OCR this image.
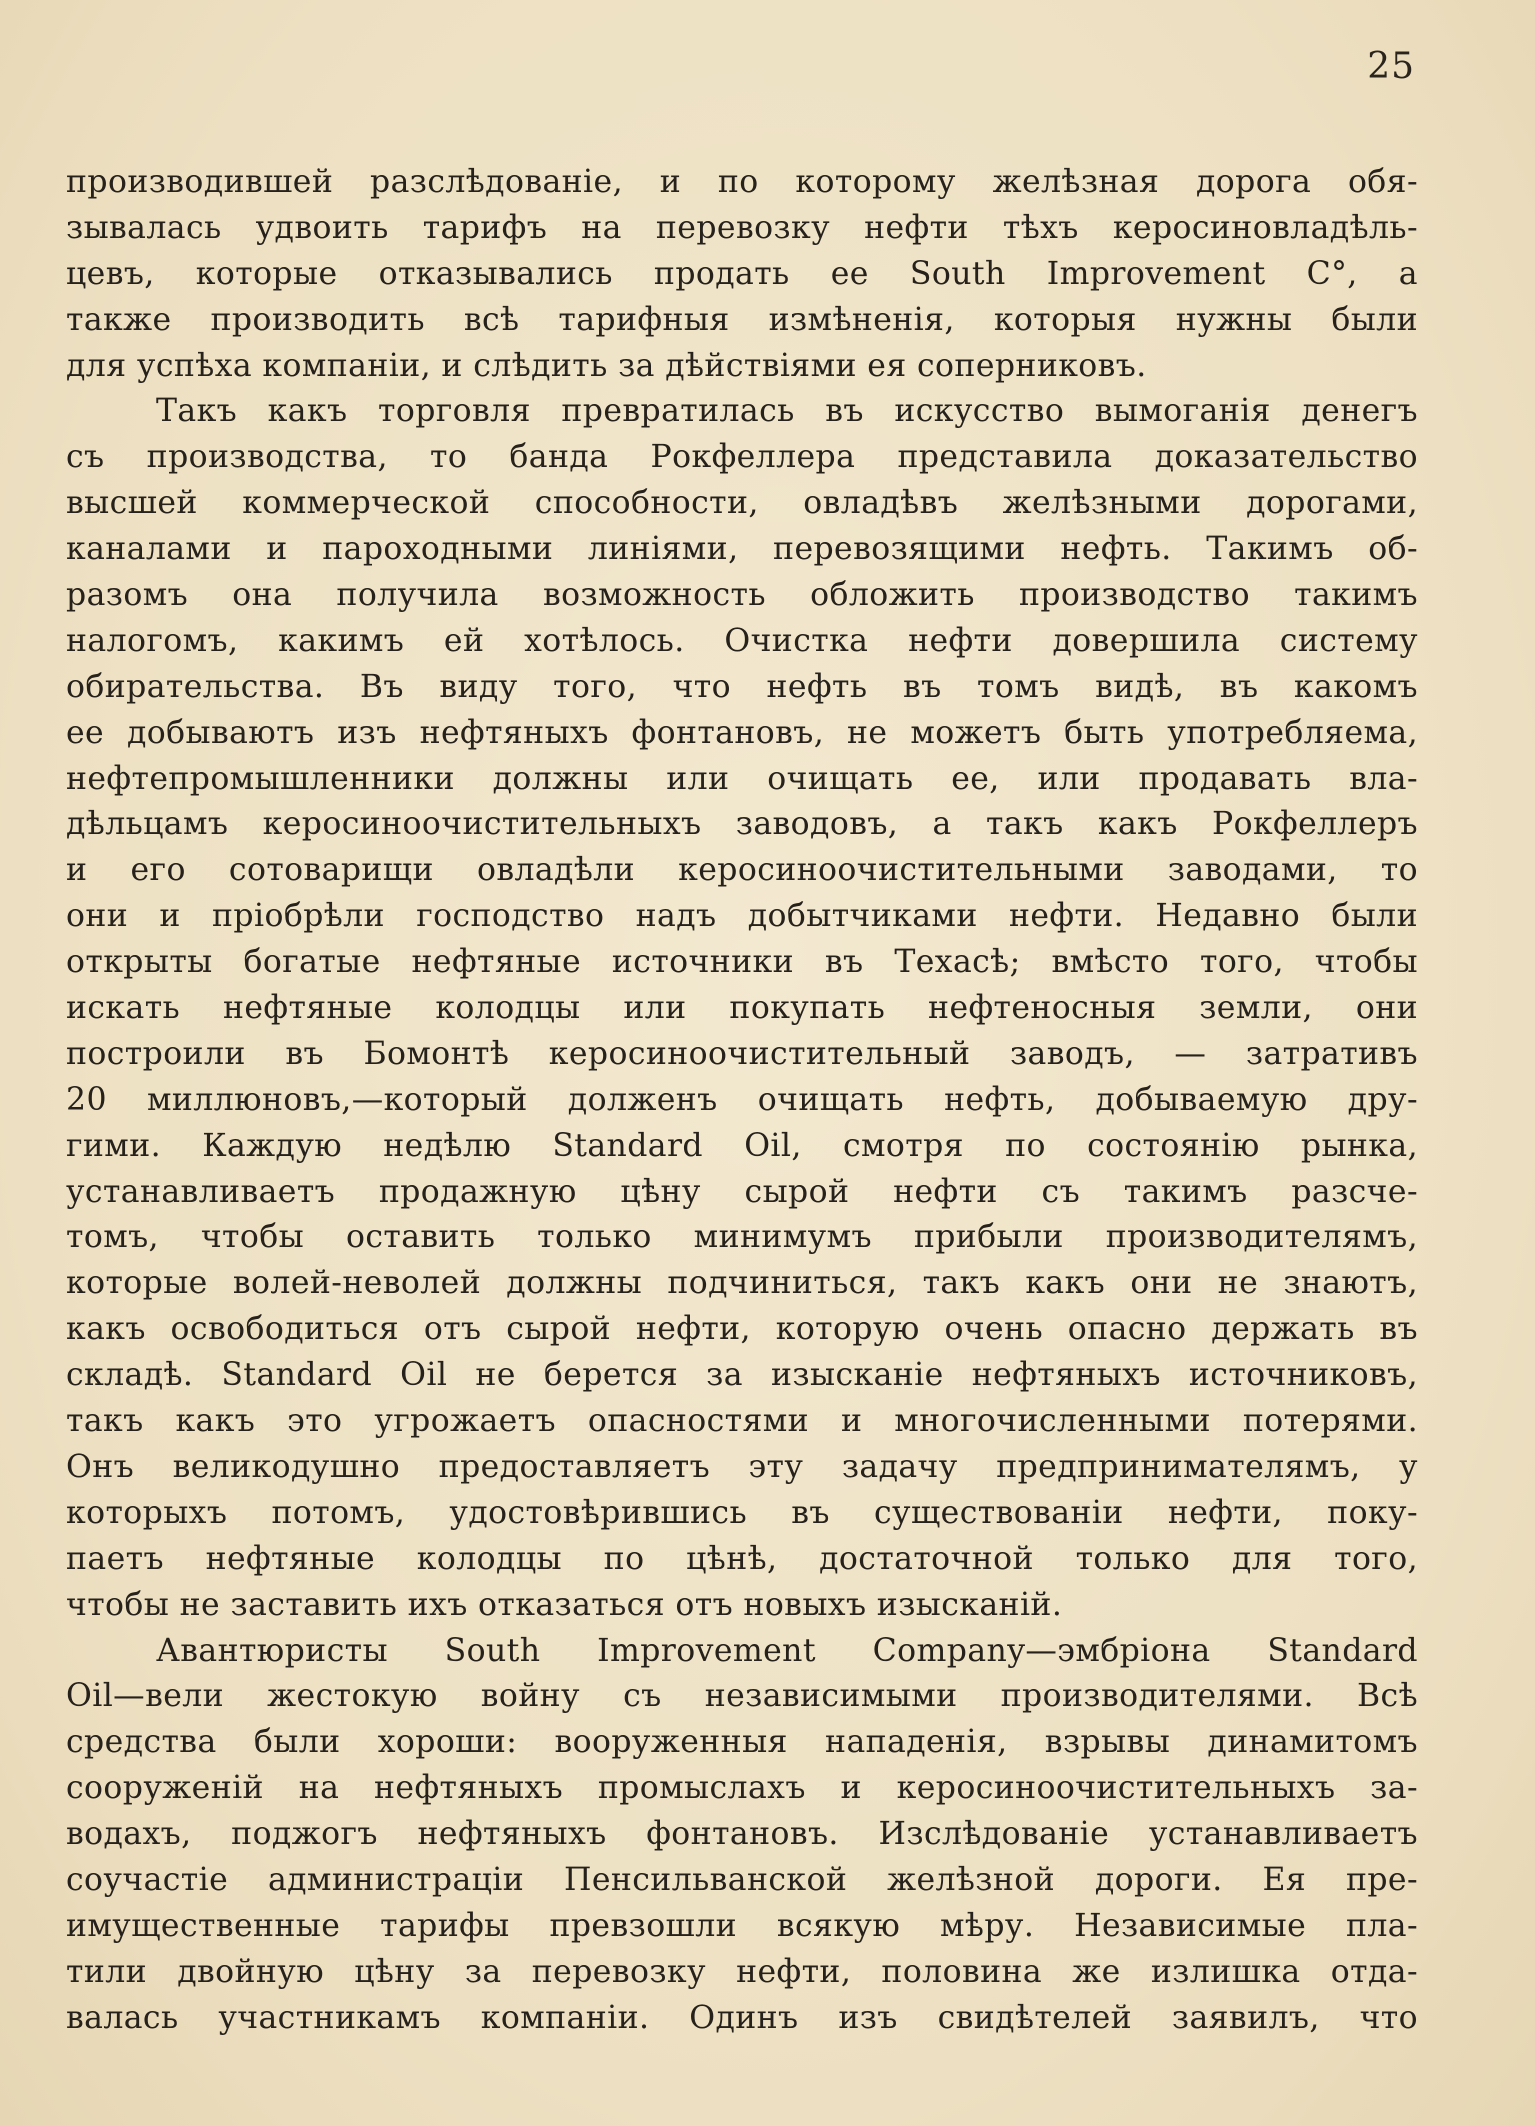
25
производившей разслѣдованіе, и по которому желѣзная дорога обя-
зывалась удвоить тарифъ на перевозку нефти тѣхъ керосиновладѣль-
цевъ, которые отказывались продать ее South Improvement C°, а
также производить всѣ тарифныя измѣненія, которыя нужны были
для успѣха компаніи, и слѣдить за дѣйствіями ея соперниковъ.
Такъ какъ торговля превратилась въ искусство вымоганія денегъ
съ производства, то банда Рокфеллера представила доказательство
высшей коммерческой способности, овладѣвъ желѣзными дорогами,
каналами и пароходными линіями, перевозящими нефть. Такимъ об-
разомъ она получила возможность обложить производство такимъ
налогомъ, какимъ ей хотѣлось. Очистка нефти довершила систему
обирательства. Въ виду того, что нефть въ томъ видѣ, въ какомъ
ее добываютъ изъ нефтяныхъ фонтановъ, не можетъ быть употребляема,
нефтепромышленники должны или очищать ее, или продавать вла-
дѣльцамъ керосиноочистительныхъ заводовъ, а такъ какъ Рокфеллеръ
и его сотоварищи овладѣли керосиноочистительными заводами, то
они и пріобрѣли господство надъ добытчиками нефти. Недавно были
открыты богатые нефтяные источники въ Техасѣ; вмѣсто того, чтобы
искать нефтяные колодцы или покупать нефтеносныя земли, они
построили въ Бомонтѣ керосиноочистительный заводъ, — затративъ
20 миллюновъ,—который долженъ очищать нефть, добываемую дру-
гими. Каждую недѣлю Standard Oil, смотря по состоянію рынка,
устанавливаетъ продажную цѣну сырой нефти съ такимъ разсче-
томъ, чтобы оставить только минимумъ прибыли производителямъ,
которые волей-неволей должны подчиниться, такъ какъ они не знаютъ,
какъ освободиться отъ сырой нефти, которую очень опасно держать въ
складѣ. Standard Oil не берется за изысканіе нефтяныхъ источниковъ,
такъ какъ это угрожаетъ опасностями и многочисленными потерями.
Онъ великодушно предоставляетъ эту задачу предпринимателямъ, у
которыхъ потомъ, удостовѣрившись въ существованіи нефти, поку-
паетъ нефтяные колодцы по цѣнѣ, достаточной только для того,
чтобы не заставить ихъ отказаться отъ новыхъ изысканій.
Авантюристы South Improvement Company—эмбріона Standard
Oil—вели жестокую войну съ независимыми производителями. Всѣ
средства были хороши: вооруженныя нападенія, взрывы динамитомъ
сооруженій на нефтяныхъ промыслахъ и керосиноочистительныхъ за-
водахъ, поджогъ нефтяныхъ фонтановъ. Изслѣдованіе устанавливаетъ
соучастіе администраціи Пенсильванской желѣзной дороги. Ея пре-
имущественные тарифы превзошли всякую мѣру. Независимые пла-
тили двойную цѣну за перевозку нефти, половина же излишка отда-
валась участникамъ компаніи. Одинъ изъ свидѣтелей заявилъ, что
